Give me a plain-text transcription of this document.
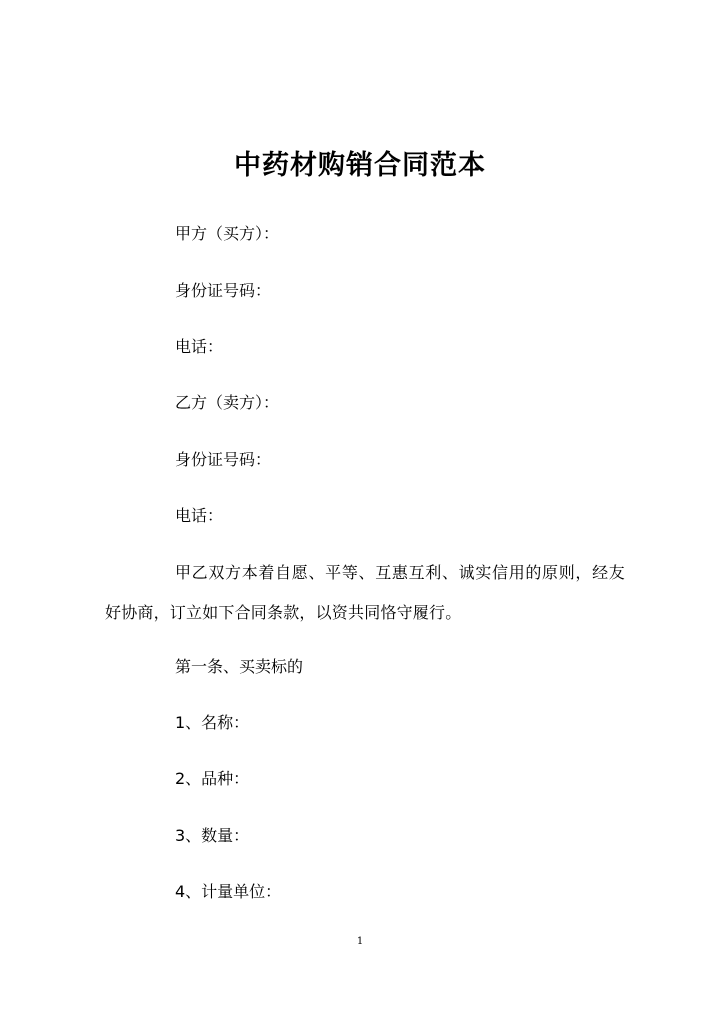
中药材购销合同范本
甲方（买方）：
身份证号码：
电话：
乙方（卖方）：
身份证号码：
电话：
甲乙双方本着自愿、平等、互惠互利、诚实信用的原则，经友好协商，订立如下合同条款，以资共同恪守履行。
第一条、买卖标的
1、名称：
2、品种：
3、数量：
4、计量单位：
1
